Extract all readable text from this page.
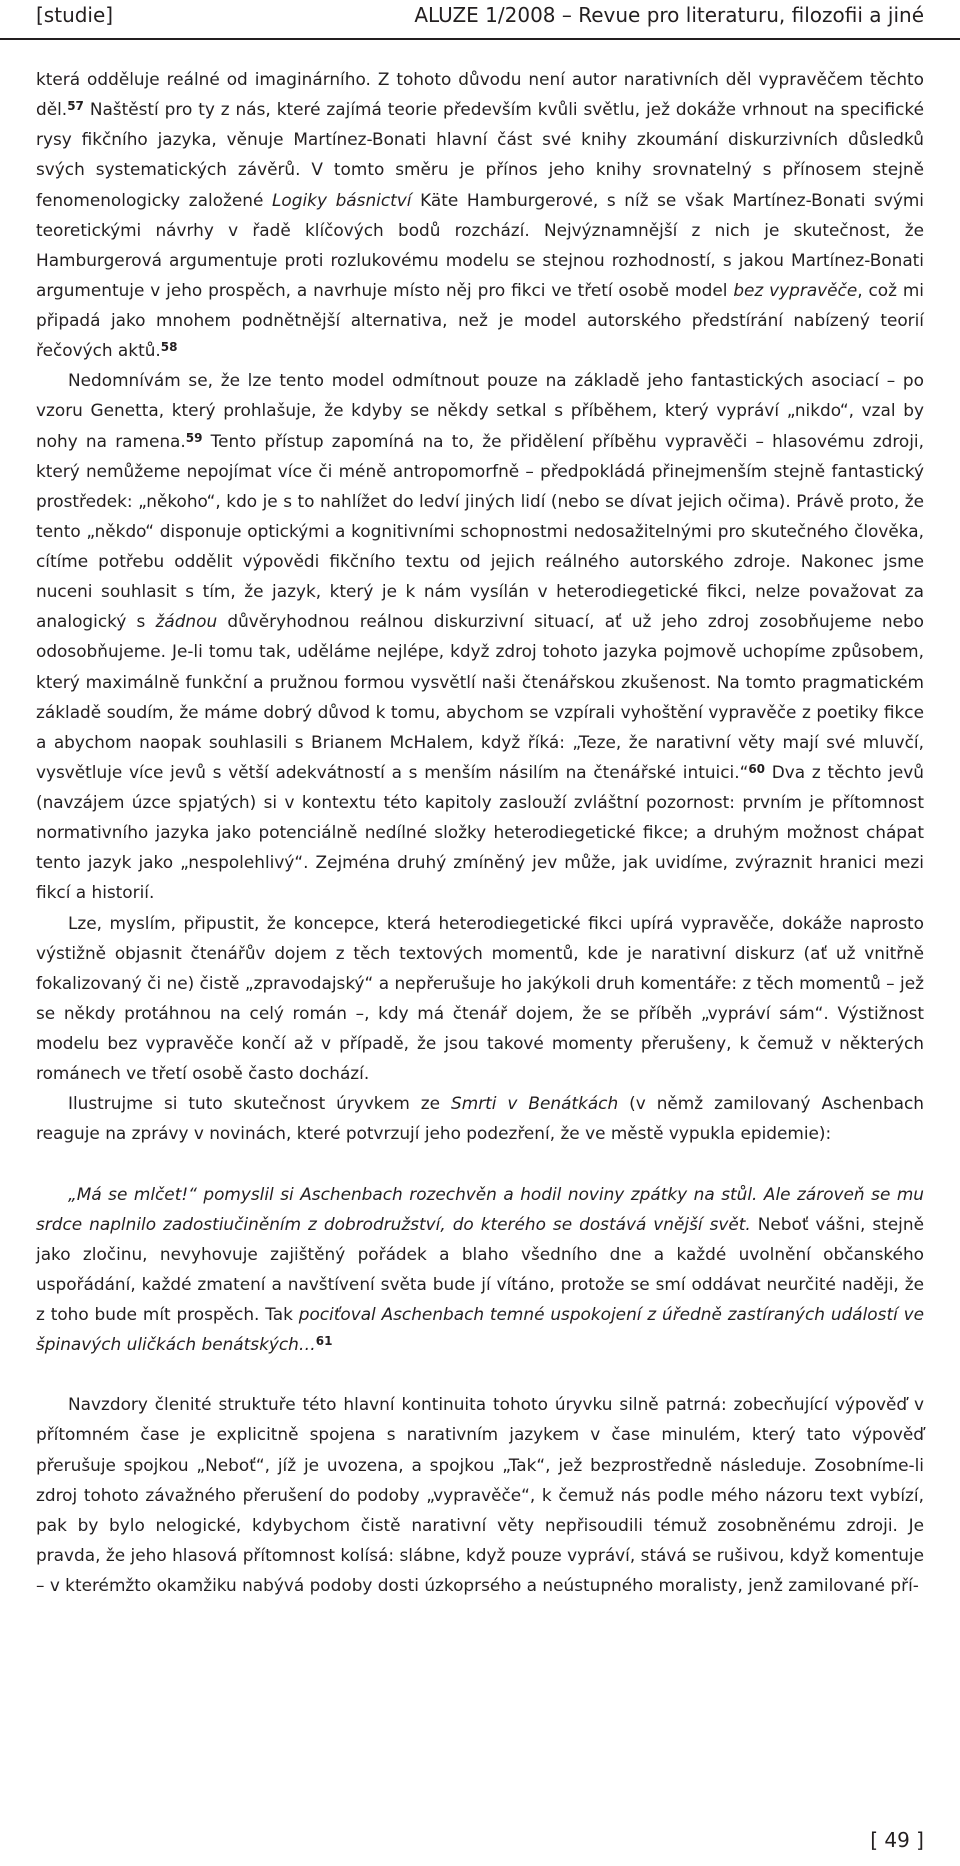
[studie]	ALUZE 1/2008 – Revue pro literaturu, filozofii a jiné

která odděluje reálné od imaginárního. Z tohoto důvodu není autor narativních děl vypravěčem těchto děl.$^{57}$ Naštěstí pro ty z nás, které zajímá teorie především kvůli světlu, jež dokáže vrhnout na specifické rysy fikčního jazyka, věnuje Martínez-Bonati hlavní část své knihy zkoumání diskurzivních důsledků svých systematických závěrů. V tomto směru je přínos jeho knihy srovnatelný s přínosem stejně fenomenologicky založené Logiky básnictví Käte Hamburgerové, s níž se však Martínez-Bonati svými teoretickými návrhy v řadě klíčových bodů rozchází. Nejvýznamnější z nich je skutečnost, že Hamburgerová argumentuje proti rozlukovému modelu se stejnou rozhodností, s jakou Martínez-Bonati argumentuje v jeho prospěch, a navrhuje místo něj pro fikci ve třetí osobě model bez vypravěče, což mi připadá jako mnohem podnětnější alternativa, než je model autorského předstírání nabízený teorií řečových aktů.$^{58}$

Nedomnívám se, že lze tento model odmítnout pouze na základě jeho fantastických asociací – po vzoru Genetta, který prohlašuje, že kdyby se někdy setkal s příběhem, který vypráví „nikdo“, vzal by nohy na ramena.$^{59}$ Tento přístup zapomíná na to, že přidělení příběhu vypravěči – hlasovému zdroji, který nemůžeme nepojímat více či méně antropomorfně – předpokládá přinejmenším stejně fantastický prostředek: „někoho“, kdo je s to nahlížet do ledví jiných lidí (nebo se dívat jejich očima). Právě proto, že tento „někdo“ disponuje optickými a kognitivními schopnostmi nedosažitelnými pro skutečného člověka, cítíme potřebu oddělit výpovědi fikčního textu od jejich reálného autorského zdroje. Nakonec jsme nuceni souhlasit s tím, že jazyk, který je k nám vysílán v heterodiegetické fikci, nelze považovat za analogický s žádnou důvěryhodnou reálnou diskurzivní situací, ať už jeho zdroj zosobňujeme nebo odosobňujeme. Je-li tomu tak, uděláme nejlépe, když zdroj tohoto jazyka pojmově uchopíme způsobem, který maximálně funkční a pružnou formou vysvětlí naši čtenářskou zkušenost. Na tomto pragmatickém základě soudím, že máme dobrý důvod k tomu, abychom se vzpírali vyhoštění vypravěče z poetiky fikce a abychom naopak souhlasili s Brianem McHalem, když říká: „Teze, že narativní věty mají své mluvčí, vysvětluje více jevů s větší adekvátností a s menším násilím na čtenářské intuici.“$^{60}$ Dva z těchto jevů (navzájem úzce spjatých) si v kontextu této kapitoly zaslouží zvláštní pozornost: prvním je přítomnost normativního jazyka jako potenciálně nedílné složky heterodiegetické fikce; a druhým možnost chápat tento jazyk jako „nespolehlivý“. Zejména druhý zmíněný jev může, jak uvidíme, zvýraznit hranici mezi fikcí a historií.

Lze, myslím, připustit, že koncepce, která heterodiegetické fikci upírá vypravěče, dokáže naprosto výstižně objasnit čtenářův dojem z těch textových momentů, kde je narativní diskurz (ať už vnitřně fokalizovaný či ne) čistě „zpravodajský“ a nepřerušuje ho jakýkoli druh komentáře: z těch momentů – jež se někdy protáhnou na celý román –, kdy má čtenář dojem, že se příběh „vypráví sám“. Výstižnost modelu bez vypravěče končí až v případě, že jsou takové momenty přerušeny, k čemuž v některých románech ve třetí osobě často dochází.

Ilustrujme si tuto skutečnost úryvkem ze Smrti v Benátkách (v němž zamilovaný Aschenbach reaguje na zprávy v novinách, které potvrzují jeho podezření, že ve městě vypukla epidemie):

„Má se mlčet!“ pomyslil si Aschenbach rozechvěn a hodil noviny zpátky na stůl. Ale zároveň se mu srdce naplnilo zadostiučiněním z dobrodružství, do kterého se dostává vnější svět. Neboť vášni, stejně jako zločinu, nevyhovuje zajištěný pořádek a blaho všedního dne a každé uvolnění občanského uspořádání, každé zmatení a navštívení světa bude jí vítáno, protože se smí oddávat neurčité naději, že z toho bude mít prospěch. Tak pociťoval Aschenbach temné uspokojení z úředně zastíraných událostí ve špinavých uličkách benátských…$^{61}$

Navzdory členité struktuře této hlavní kontinuita tohoto úryvku silně patrná: zobecňující výpověď v přítomném čase je explicitně spojena s narativním jazykem v čase minulém, který tato výpověď přerušuje spojkou „Neboť“, jíž je uvozena, a spojkou „Tak“, jež bezprostředně následuje. Zosobníme-li zdroj tohoto závažného přerušení do podoby „vypravěče“, k čemuž nás podle mého názoru text vybízí, pak by bylo nelogické, kdybychom čistě narativní věty nepřisoudili témuž zosobněnému zdroji. Je pravda, že jeho hlasová přítomnost kolísá: slábne, když pouze vypráví, stává se rušivou, když komentuje – v kterémžto okamžiku nabývá podoby dosti úzkoprsého a neústupného moralisty, jenž zamilované pří-

[ 49 ]
